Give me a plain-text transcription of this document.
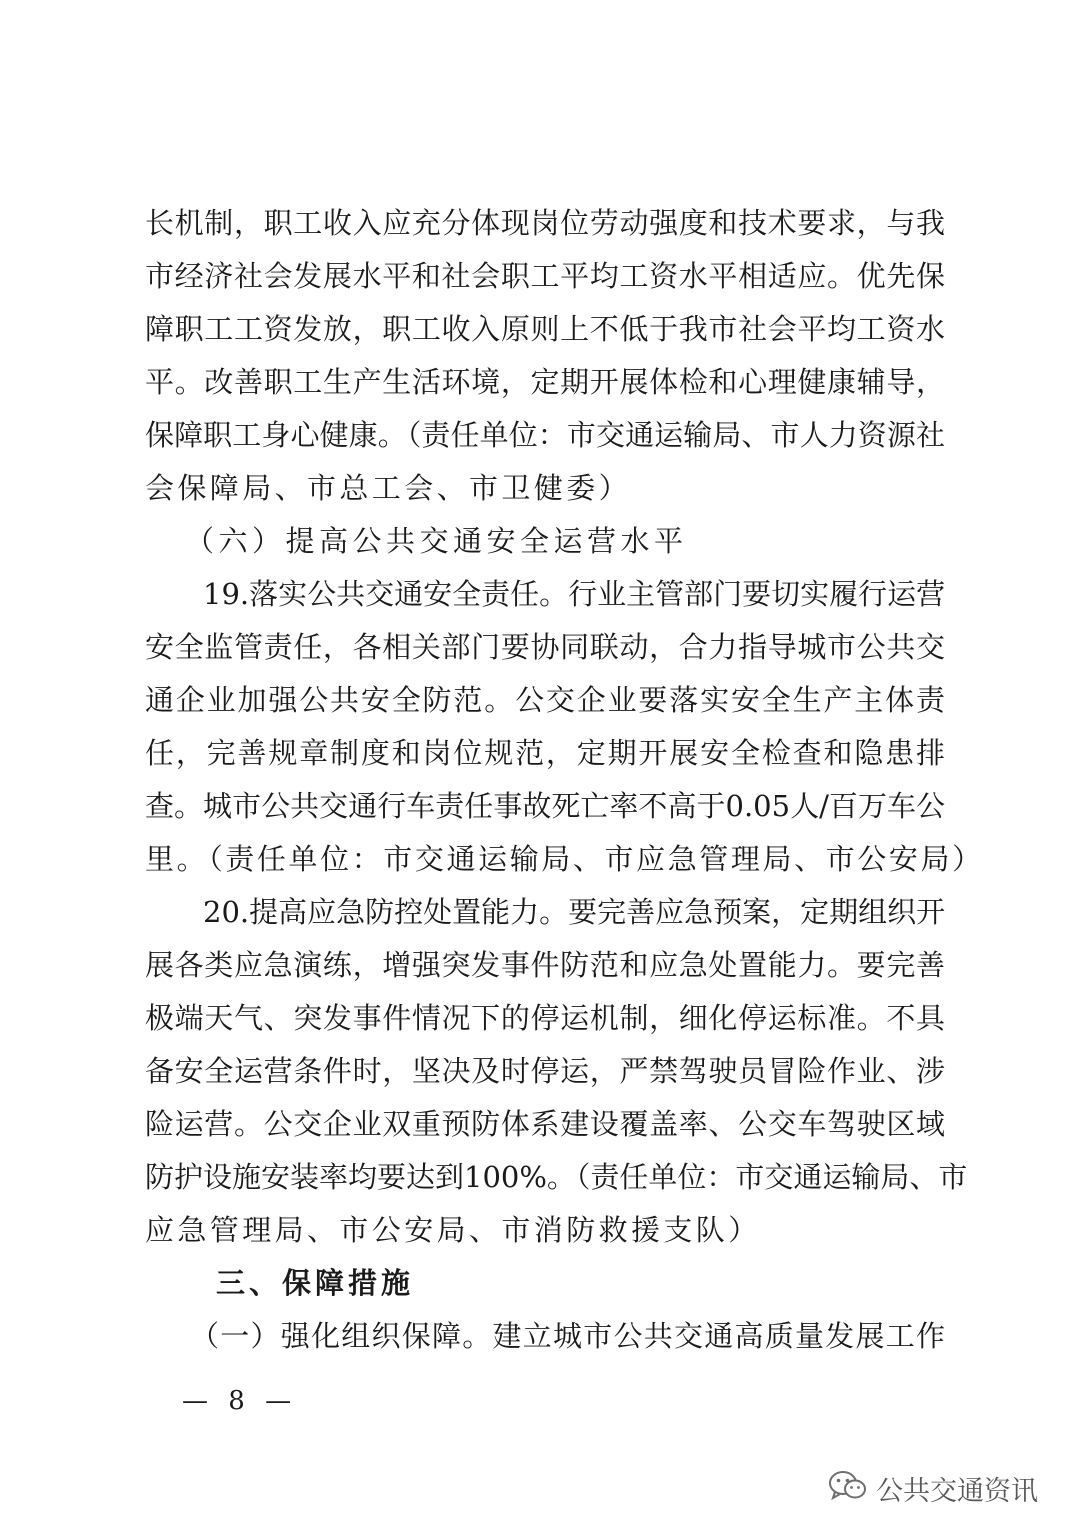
长机制，职工收入应充分体现岗位劳动强度和技术要求，与我
市经济社会发展水平和社会职工平均工资水平相适应。优先保
障职工工资发放，职工收入原则上不低于我市社会平均工资水
平。改善职工生产生活环境，定期开展体检和心理健康辅导，
保障职工身心健康。（责任单位：市交通运输局、市人力资源社
会保障局、市总工会、市卫健委）
（六）提高公共交通安全运营水平
19.落实公共交通安全责任。行业主管部门要切实履行运营
安全监管责任，各相关部门要协同联动，合力指导城市公共交
通企业加强公共安全防范。公交企业要落实安全生产主体责
任，完善规章制度和岗位规范，定期开展安全检查和隐患排
查。城市公共交通行车责任事故死亡率不高于0.05人/百万车公
里。（责任单位：市交通运输局、市应急管理局、市公安局）
20.提高应急防控处置能力。要完善应急预案，定期组织开
展各类应急演练，增强突发事件防范和应急处置能力。要完善
极端天气、突发事件情况下的停运机制，细化停运标准。不具
备安全运营条件时，坚决及时停运，严禁驾驶员冒险作业、涉
险运营。公交企业双重预防体系建设覆盖率、公交车驾驶区域
防护设施安装率均要达到100%。（责任单位：市交通运输局、市
应急管理局、市公安局、市消防救援支队）
三、保障措施
（一）强化组织保障。建立城市公共交通高质量发展工作
— 8 —
公共交通资讯
